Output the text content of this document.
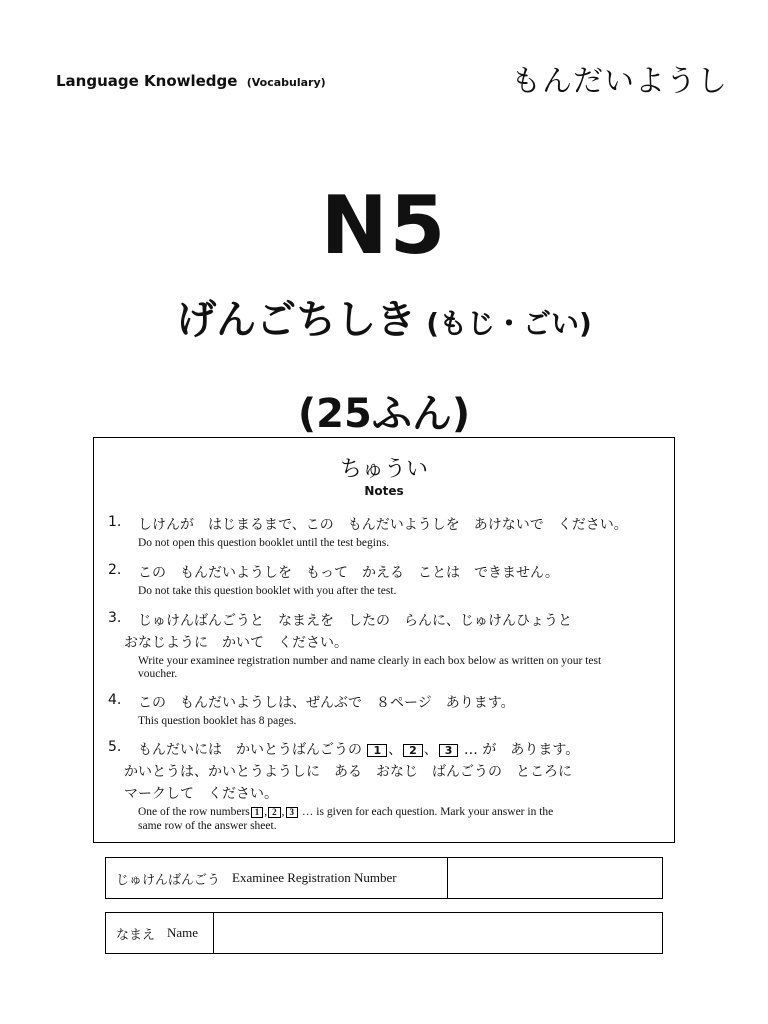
Language Knowledge (Vocabulary)	もんだいようし
N5
げんごちしき (もじ・ごい)
(25ふん)
ちゅうい
Notes
1.	しけんが　はじまるまで、この　もんだいようしを　あけないで　ください。
Do not open this question booklet until the test begins.
2.	この　もんだいようしを　もって　かえる　ことは　できません。
Do not take this question booklet with you after the test.
3.	じゅけんばんごうと　なまえを　したの　らんに、じゅけんひょうと
おなじように　かいて　ください。
Write your examinee registration number and name clearly in each box below as written on your test voucher.
4.	この　もんだいようしは、ぜんぶで　８ページ　あります。
This question booklet has 8 pages.
5.	もんだいには　かいとうばんごうの 1 、 2 、 3 … が　あります。
かいとうは、かいとうようしに　ある　おなじ　ばんごうの　ところに
マークして　ください。
One of the row numbers 1 , 2 , 3 … is given for each question. Mark your answer in the
same row of the answer sheet.
じゅけんばんごう Examinee Registration Number
なまえ Name
